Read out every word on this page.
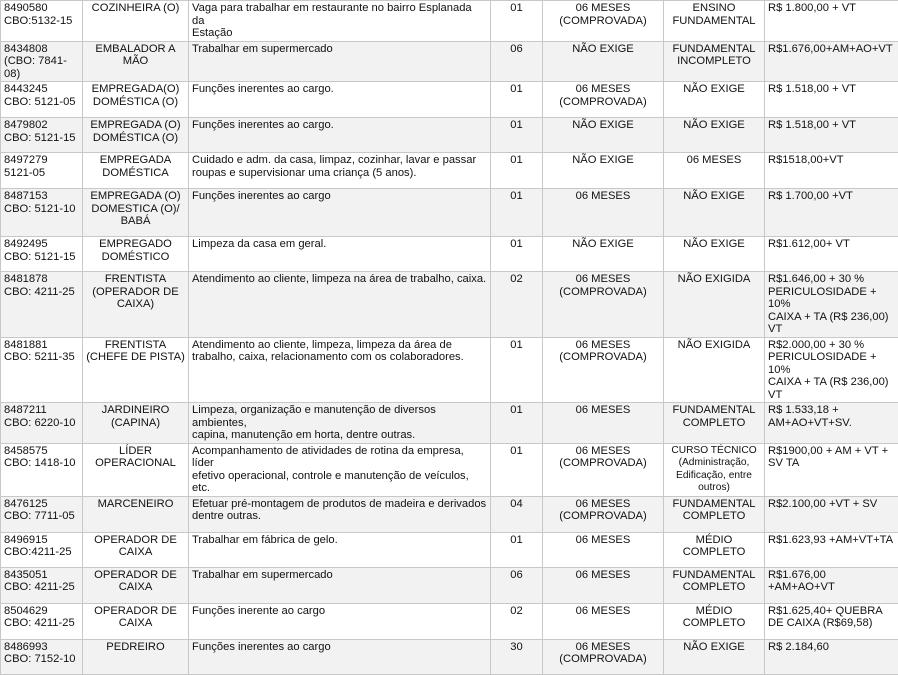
8490580
CBO:5132-15	COZINHEIRA (O)	Vaga para trabalhar em restaurante no bairro Esplanada da
Estação	01	06 MESES
(COMPROVADA)	ENSINO
FUNDAMENTAL	R$ 1.800,00 + VT

8434808
(CBO: 7841-08)	EMBALADOR A
MÃO	Trabalhar em supermercado	06	NÃO EXIGE	FUNDAMENTAL
INCOMPLETO	R$1.676,00+AM+AO+VT

8443245
CBO: 5121-05	EMPREGADA(O)
DOMÉSTICA (O)	Funções inerentes ao cargo.	01	06 MESES
(COMPROVADA)	NÃO EXIGE	R$ 1.518,00 + VT

8479802
CBO: 5121-15	EMPREGADA (O)
DOMÉSTICA (O)	Funções inerentes ao cargo.	01	NÃO EXIGE	NÃO EXIGE	R$ 1.518,00 + VT

8497279
5121-05	EMPREGADA
DOMÉSTICA	Cuidado e adm. da casa, limpaz, cozinhar, lavar e passar
roupas e supervisionar uma criança (5 anos).	01	NÃO EXIGE	06 MESES	R$1518,00+VT

8487153
CBO: 5121-10	EMPREGADA (O)
DOMESTICA (O)/
BABÁ	Funções inerentes ao cargo	01	06 MESES	NÃO EXIGE	R$ 1.700,00 +VT

8492495
CBO: 5121-15	EMPREGADO
DOMÉSTICO	Limpeza da casa em geral.	01	NÃO EXIGE	NÃO EXIGE	R$1.612,00+ VT

8481878
CBO: 4211-25	FRENTISTA
(OPERADOR DE
CAIXA)	Atendimento ao cliente, limpeza na área de trabalho, caixa.	02	06 MESES
(COMPROVADA)	NÃO EXIGIDA	R$1.646,00 + 30 %
PERICULOSIDADE + 10%
CAIXA + TA (R$ 236,00) VT

8481881
CBO: 5211-35	FRENTISTA
(CHEFE DE PISTA)	Atendimento ao cliente, limpeza, limpeza da área de
trabalho, caixa, relacionamento com os colaboradores.	01	06 MESES
(COMPROVADA)	NÃO EXIGIDA	R$2.000,00 + 30 %
PERICULOSIDADE + 10%
CAIXA + TA (R$ 236,00) VT

8487211
CBO: 6220-10	JARDINEIRO
(CAPINA)	Limpeza, organização e manutenção de diversos ambientes,
capina, manutenção em horta, dentre outras.	01	06 MESES	FUNDAMENTAL
COMPLETO	R$ 1.533,18 +
AM+AO+VT+SV.

8458575
CBO: 1418-10	LÍDER
OPERACIONAL	Acompanhamento de atividades de rotina da empresa, líder
efetivo operacional, controle e manutenção de veículos, etc.	01	06 MESES
(COMPROVADA)	CURSO TÉCNICO
(Administração,
Edificação, entre outros)	R$1900,00 + AM + VT +
SV TA

8476125
CBO: 7711-05	MARCENEIRO	Efetuar pré-montagem de produtos de madeira e derivados
dentre outras.	04	06 MESES
(COMPROVADA)	FUNDAMENTAL
COMPLETO	R$2.100,00 +VT + SV

8496915
CBO:4211-25	OPERADOR DE
CAIXA	Trabalhar em fábrica de gelo.	01	06 MESES	MÉDIO COMPLETO	R$1.623,93 +AM+VT+TA

8435051
CBO: 4211-25	OPERADOR DE
CAIXA	Trabalhar em supermercado	06	06 MESES	FUNDAMENTAL
COMPLETO	R$1.676,00 +AM+AO+VT

8504629
CBO: 4211-25	OPERADOR DE
CAIXA	Funções inerente ao cargo	02	06 MESES	MÉDIO COMPLETO	R$1.625,40+ QUEBRA
DE CAIXA (R$69,58)

8486993
CBO: 7152-10	PEDREIRO	Funções inerentes ao cargo	30	06 MESES
(COMPROVADA)	NÃO EXIGE	R$ 2.184,60
